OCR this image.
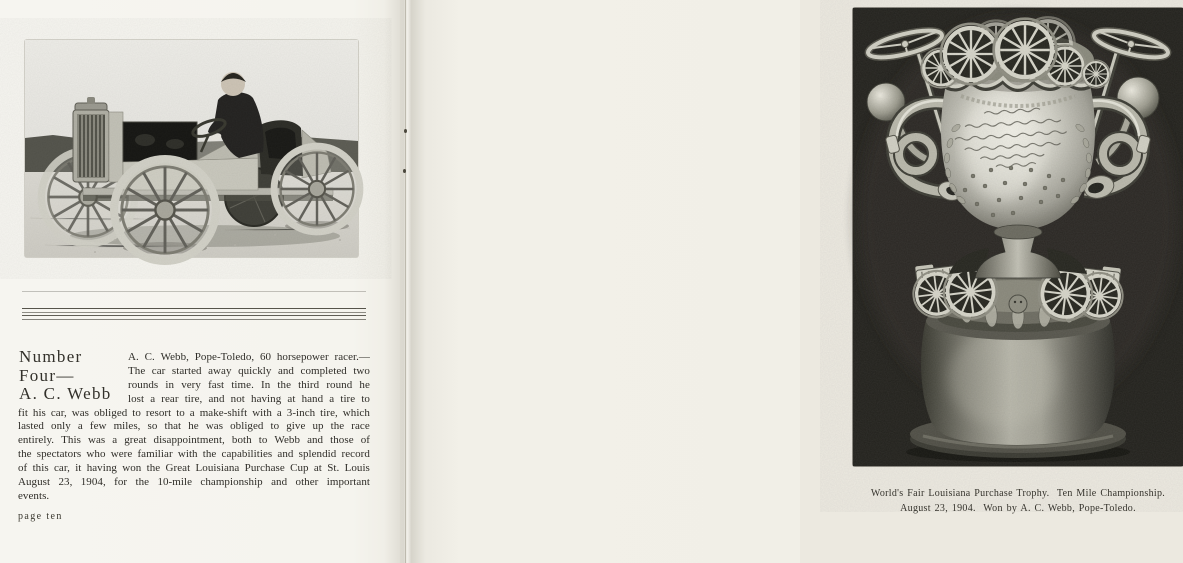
Number
Four—
A. C. Webb
A. C. Webb, Pope-Toledo, 60 horsepower racer.—
The car started away quickly and completed two
rounds in very fast time. In the third round he
lost a rear tire, and not having at hand a tire to
fit his car, was obliged to resort to a make-shift with a 3-inch tire, which
lasted only a few miles, so that he was obliged to give up the race
entirely. This was a great disappointment, both to Webb and those of
the spectators who were familiar with the capabilities and splendid record
of this car, it having won the Great Louisiana Purchase Cup at St. Louis
August 23, 1904, for the 10-mile championship and other important
events.
page ten
World's Fair Louisiana Purchase Trophy.  Ten Mile Championship.
August 23, 1904.  Won by A. C. Webb, Pope-Toledo.
